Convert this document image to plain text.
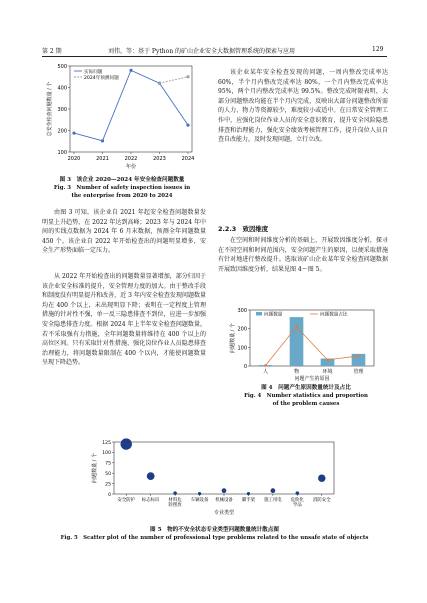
第 2 期	刘伟，等：基于 Python 的矿山企业安全大数据管理系统的探索与应用	129
100
200
300
400
500
2020	2021	2022	2023	2024
年份
总安全检查问题数量 / 个
实际问题
2024年预测问题
图 3　该企业 2020—2024 年安全检查问题数量
Fig. 3　Number of safety inspection issues in
the enterprise from 2020 to 2024

该企业某年安全检查发现的问题，一周内整改完成率达 60%，半个月内整改完成率达 80%，一个月内整改完成率达 95%，两个月内整改完成率达 99.5%。整改完成时限表明，大部分问题整改均能在半个月内完成，反映出大部分问题整改所需的人力、物力等资源较少，难度较小或适中。在日常安全管理工作中，应强化岗位作业人员的安全意识教育，提升安全风险隐患排查和治理能力，强化安全绩效考核管理工作，提升岗位人员自查自改能力，及时发现问题，立行立改。

2.2.3　致因维度

在空间和时间维度分析的基础上，开展致因维度分析，探寻在不同空间和时间范围内，安全问题产生的原因，以便采取措施有针对地进行整改提升。选取该矿山企业某年安全检查问题数据开展致因维度分析，结果见图 4～图 5。

由图 3 可知，该企业自 2021 年起安全检查问题数量发明显上升趋势，在 2022 年达到高峰；2023 年与 2024 年中间的实线点数据为 2024 年 6 月末数据，预测全年问题数量 450 个。该企业自 2022 年开始检查出的问题明显增多，安全生产形势面临一定压力。

从 2022 年开始检查出的问题数量显著增加，部分归因于该企业安全标准的提升，安全管理力度的加大。由于整改手段和制度没有明显提升和改善，近 3 年内安全检查发现问题数量均在 400 个以上，未出现明显下降；表明在一定程度上管理措施的针对性不强，单一反三隐患排查不到位，应进一步加强安全隐患排查力度。根据 2024 年上半年安全检查问题数量，若不采取强有力措施，全年问题数量将维持在 400 个以上的高位区间。只有采取针对性措施，强化岗位作业人员隐患排查治理能力，将问题数量限制在 400 个以内，才能使问题数量呈现下降趋势。

0
100
200
300
人	物	环境	管理
问题产生的原因
问题数量 / 个
问题数量	问题数量占比
图 4　问题产生原因数量统计及占比
Fig. 4　Number statistics and proportion
of the problem causes
0
25
50
75
100
125
安全防护 标志标识 材料危
险摆放
车辆设备 机械设备 脚手架 施工用电 危险化
学品
消防安全
专业类型
问题数量 / 个
图 5　物的不安全状态专业类型问题数量统计散点图
Fig. 5　Scatter plot of the number of professional type problems related to the unsafe state of objects
